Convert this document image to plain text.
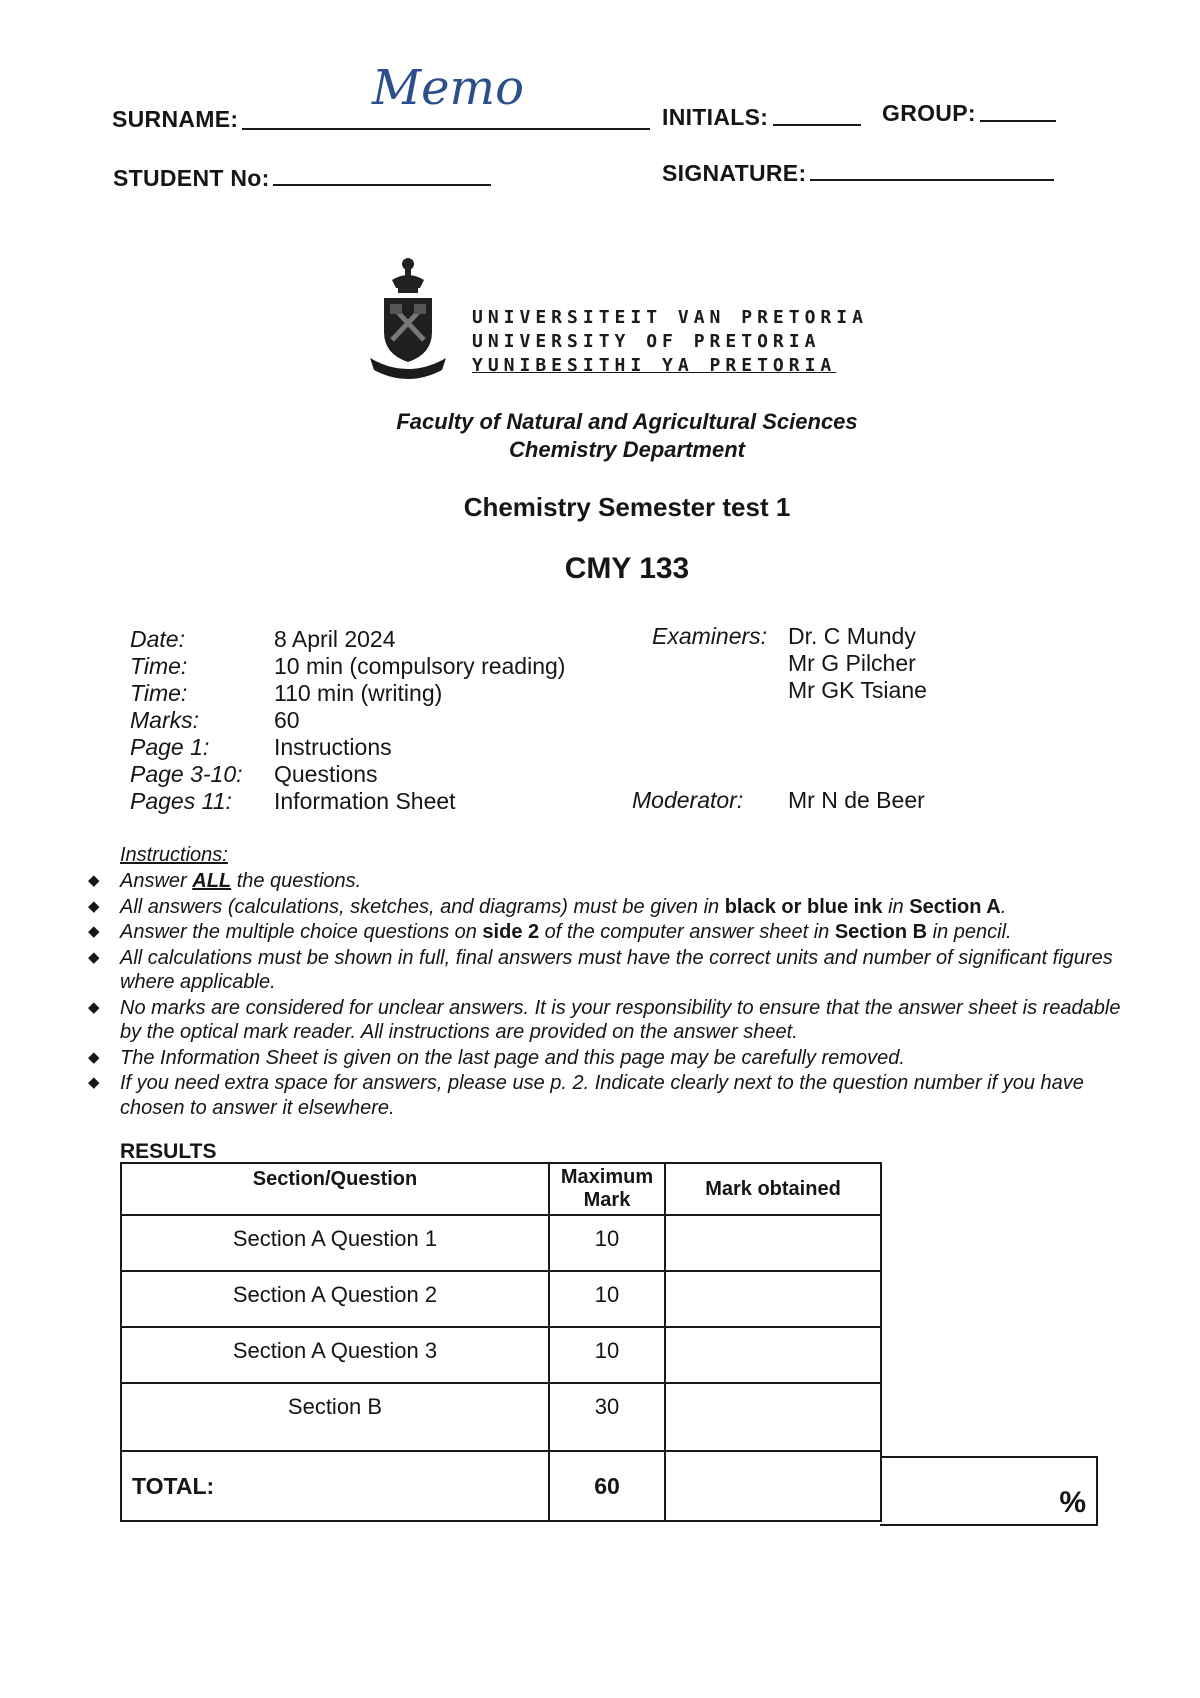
SURNAME:
Memo
INITIALS:	GROUP:
STUDENT No:	SIGNATURE:
UNIVERSITEIT VAN PRETORIA
UNIVERSITY OF PRETORIA
YUNIBESITHI YA PRETORIA
Faculty of Natural and Agricultural Sciences
Chemistry Department
Chemistry Semester test 1
CMY 133
Date:	8 April 2024
Time:	10 min (compulsory reading)
Time:	110 min (writing)
Marks:	60
Page 1:	Instructions
Page 3-10:	Questions
Pages 11:	Information Sheet
Examiners: Dr. C Mundy
Mr G Pilcher
Mr GK Tsiane
Moderator: Mr N de Beer
Instructions:
◆ Answer ALL the questions.
◆ All answers (calculations, sketches, and diagrams) must be given in black or blue ink in Section A.
◆ Answer the multiple choice questions on side 2 of the computer answer sheet in Section B in pencil.
◆ All calculations must be shown in full, final answers must have the correct units and number of significant figures where applicable.
◆ No marks are considered for unclear answers. It is your responsibility to ensure that the answer sheet is readable by the optical mark reader. All instructions are provided on the answer sheet.
◆ The Information Sheet is given on the last page and this page may be carefully removed.
◆ If you need extra space for answers, please use p. 2. Indicate clearly next to the question number if you have chosen to answer it elsewhere.
RESULTS
Section/Question	Maximum Mark	Mark obtained
Section A Question 1	10	
Section A Question 2	10	
Section A Question 3	10	
Section B	30	
TOTAL:	60	
%
